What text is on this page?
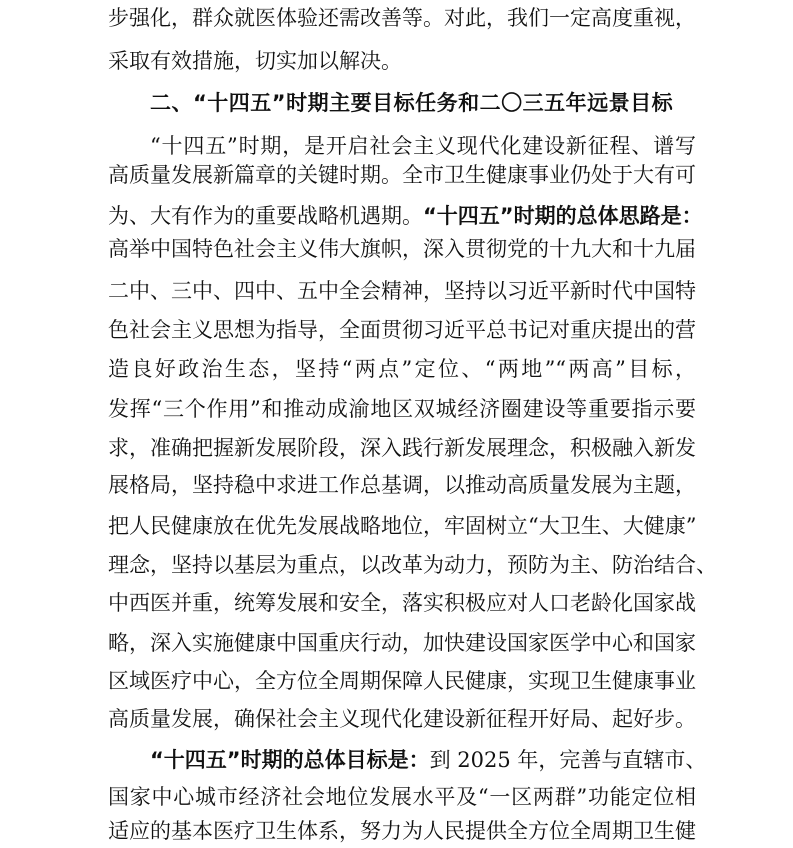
步强化，群众就医体验还需改善等。对此，我们一定高度重视，
采取有效措施，切实加以解决。
二、“十四五”时期主要目标任务和二〇三五年远景目标
“十四五”时期，是开启社会主义现代化建设新征程、谱写
高质量发展新篇章的关键时期。全市卫生健康事业仍处于大有可
为、大有作为的重要战略机遇期。“十四五”时期的总体思路是：
高举中国特色社会主义伟大旗帜，深入贯彻党的十九大和十九届
二中、三中、四中、五中全会精神，坚持以习近平新时代中国特
色社会主义思想为指导，全面贯彻习近平总书记对重庆提出的营
造良好政治生态，坚持“两点”定位、“两地”“两高”目标，
发挥“三个作用”和推动成渝地区双城经济圈建设等重要指示要
求，准确把握新发展阶段，深入践行新发展理念，积极融入新发
展格局，坚持稳中求进工作总基调，以推动高质量发展为主题，
把人民健康放在优先发展战略地位，牢固树立“大卫生、大健康”
理念，坚持以基层为重点，以改革为动力，预防为主、防治结合、
中西医并重，统筹发展和安全，落实积极应对人口老龄化国家战
略，深入实施健康中国重庆行动，加快建设国家医学中心和国家
区域医疗中心，全方位全周期保障人民健康，实现卫生健康事业
高质量发展，确保社会主义现代化建设新征程开好局、起好步。
“十四五”时期的总体目标是：到 2025 年，完善与直辖市、
国家中心城市经济社会地位发展水平及“一区两群”功能定位相
适应的基本医疗卫生体系，努力为人民提供全方位全周期卫生健
